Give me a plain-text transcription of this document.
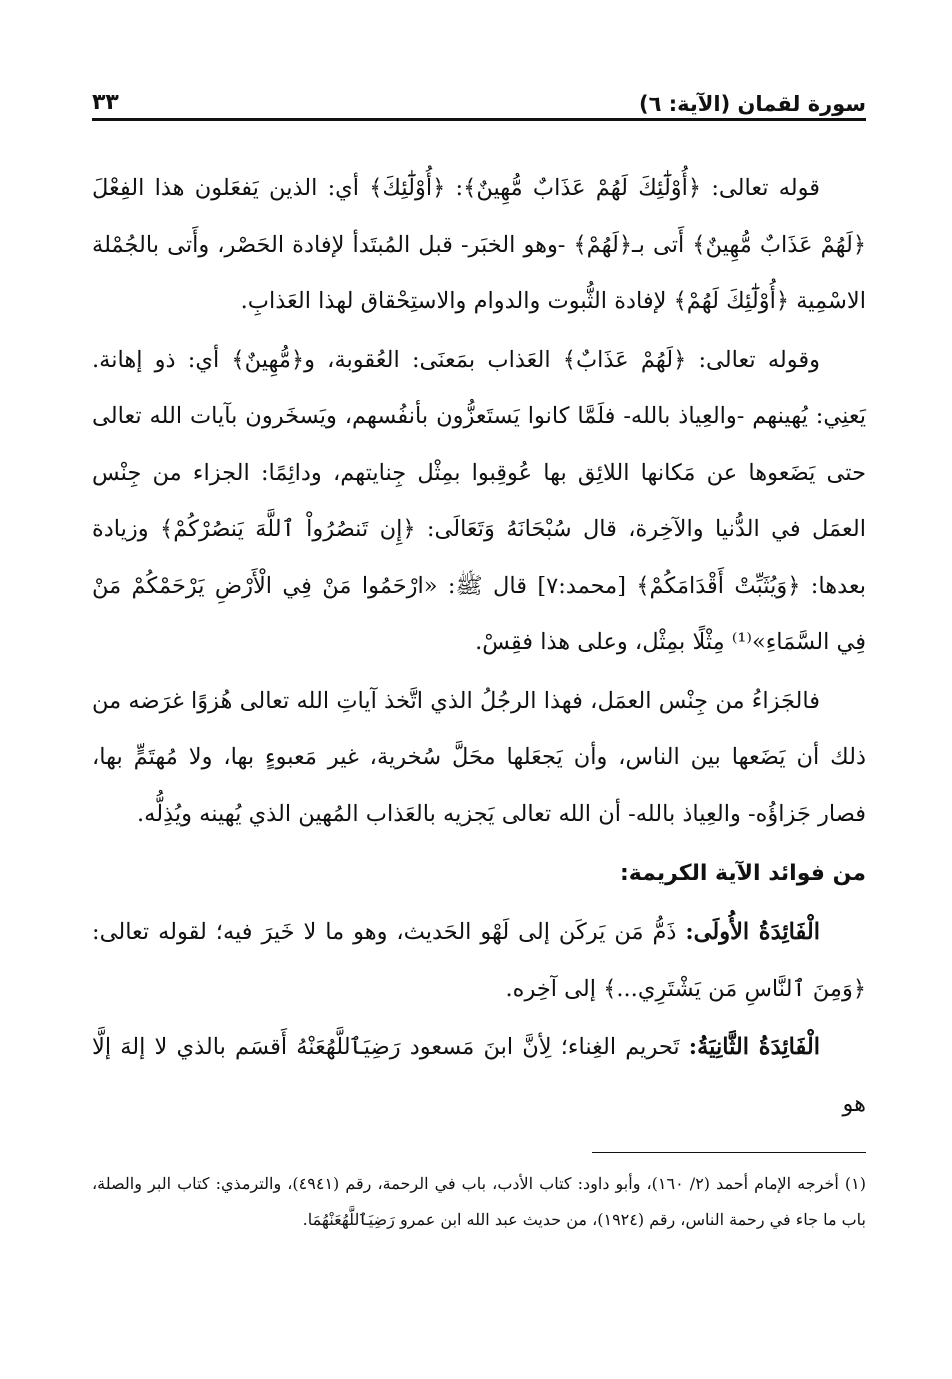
سورة لقمان (الآية: ٦)
٣٣

قوله تعالى: ﴿أُوْلَٰٓئِكَ لَهُمْ عَذَابٌ مُّهِينٌ﴾: ﴿أُوْلَٰٓئِكَ﴾ أي: الذين يَفعَلون هذا الفِعْلَ ﴿لَهُمْ عَذَابٌ مُّهِينٌ﴾ أَتى بـ﴿لَهُمْ﴾ -وهو الخبَر- قبل المُبتَدأ لإفادة الحَصْر، وأَتى بالجُمْلة الاسْمِية ﴿أُوْلَٰٓئِكَ لَهُمْ﴾ لإفادة الثُّبوت والدوام والاستِحْقاق لهذا العَذابِ.

وقوله تعالى: ﴿لَهُمْ عَذَابٌ﴾ العَذاب بمَعنَى: العُقوبة، و﴿مُّهِينٌ﴾ أي: ذو إهانة. يَعنِي: يُهينهم -والعِياذ بالله- فلَمَّا كانوا يَستَعزُّون بأنفُسهم، ويَسخَرون بآيات الله تعالى حتى يَضَعوها عن مَكانها اللائِق بها عُوقِبوا بمِثْل جِنايتهم، ودائِمًا: الجزاء من جِنْس العمَل في الدُّنيا والآخِرة، قال سُبْحَانَهُ وَتَعَالَى: ﴿إِن تَنصُرُواْ ٱللَّهَ يَنصُرْكُمْ﴾ وزيادة بعدها: ﴿وَيُثَبِّتْ أَقْدَامَكُمْ﴾ [محمد:٧] قال ﷺ: «ارْحَمُوا مَنْ فِي الْأَرْضِ يَرْحَمْكُمْ مَنْ فِي السَّمَاءِ»⁽¹⁾ مِثْلًا بمِثْل، وعلى هذا فقِسْ.

فالجَزاءُ من جِنْس العمَل، فهذا الرجُلُ الذي اتَّخذ آياتِ الله تعالى هُزوًا غرَضه من ذلك أن يَضَعها بين الناس، وأن يَجعَلها محَلَّ سُخرية، غير مَعبوءٍ بها، ولا مُهتَمٍّ بها، فصار جَزاؤُه- والعِياذ بالله- أن الله تعالى يَجزيه بالعَذاب المُهين الذي يُهينه ويُذِلُّه.

من فوائد الآية الكريمة:

الْفَائِدَةُ الأُولَى: ذَمُّ مَن يَركَن إلى لَهْو الحَديث، وهو ما لا خَيرَ فيه؛ لقوله تعالى: ﴿وَمِنَ ٱلنَّاسِ مَن يَشْتَرِي...﴾ إلى آخِره.

الْفَائِدَةُ الثَّانِيَةُ: تَحريم الغِناء؛ لِأنَّ ابنَ مَسعود رَضِيَٱللَّهُعَنْهُ أَقسَم بالذي لا إلهَ إلَّا هو

(١) أخرجه الإمام أحمد (٢/ ١٦٠)، وأبو داود: كتاب الأدب، باب في الرحمة، رقم (٤٩٤١)، والترمذي: كتاب البر والصلة، باب ما جاء في رحمة الناس، رقم (١٩٢٤)، من حديث عبد الله ابن عمرو رَضِيَٱللَّهُعَنْهُمَا.
